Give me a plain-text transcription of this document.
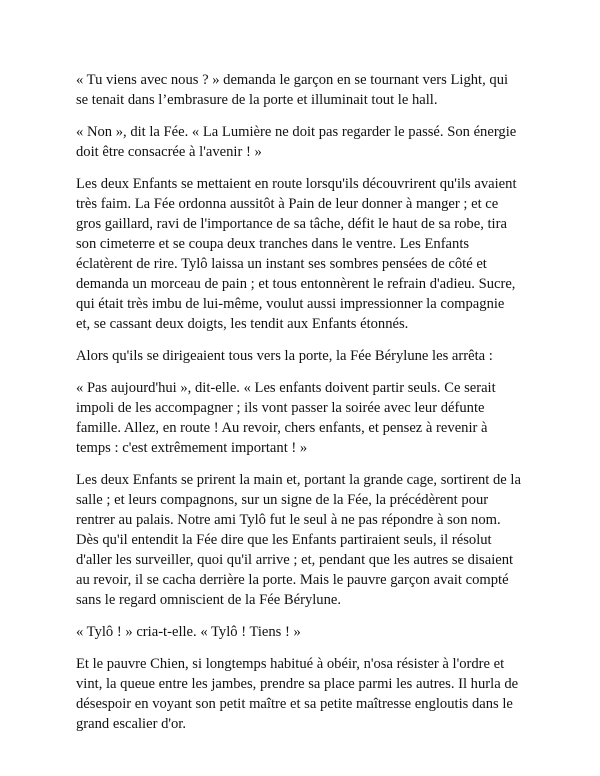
« Tu viens avec nous ? » demanda le garçon en se tournant vers Light, qui
se tenait dans l’embrasure de la porte et illuminait tout le hall.

« Non », dit la Fée. « La Lumière ne doit pas regarder le passé. Son énergie
doit être consacrée à l'avenir ! »

Les deux Enfants se mettaient en route lorsqu'ils découvrirent qu'ils avaient
très faim. La Fée ordonna aussitôt à Pain de leur donner à manger ; et ce
gros gaillard, ravi de l'importance de sa tâche, défit le haut de sa robe, tira
son cimeterre et se coupa deux tranches dans le ventre. Les Enfants
éclatèrent de rire. Tylô laissa un instant ses sombres pensées de côté et
demanda un morceau de pain ; et tous entonnèrent le refrain d'adieu. Sucre,
qui était très imbu de lui-même, voulut aussi impressionner la compagnie
et, se cassant deux doigts, les tendit aux Enfants étonnés.

Alors qu'ils se dirigeaient tous vers la porte, la Fée Bérylune les arrêta :

« Pas aujourd'hui », dit-elle. « Les enfants doivent partir seuls. Ce serait
impoli de les accompagner ; ils vont passer la soirée avec leur défunte
famille. Allez, en route ! Au revoir, chers enfants, et pensez à revenir à
temps : c'est extrêmement important ! »

Les deux Enfants se prirent la main et, portant la grande cage, sortirent de la
salle ; et leurs compagnons, sur un signe de la Fée, la précédèrent pour
rentrer au palais. Notre ami Tylô fut le seul à ne pas répondre à son nom.
Dès qu'il entendit la Fée dire que les Enfants partiraient seuls, il résolut
d'aller les surveiller, quoi qu'il arrive ; et, pendant que les autres se disaient
au revoir, il se cacha derrière la porte. Mais le pauvre garçon avait compté
sans le regard omniscient de la Fée Bérylune.

« Tylô ! » cria-t-elle. « Tylô ! Tiens ! »

Et le pauvre Chien, si longtemps habitué à obéir, n'osa résister à l'ordre et
vint, la queue entre les jambes, prendre sa place parmi les autres. Il hurla de
désespoir en voyant son petit maître et sa petite maîtresse engloutis dans le
grand escalier d'or.
